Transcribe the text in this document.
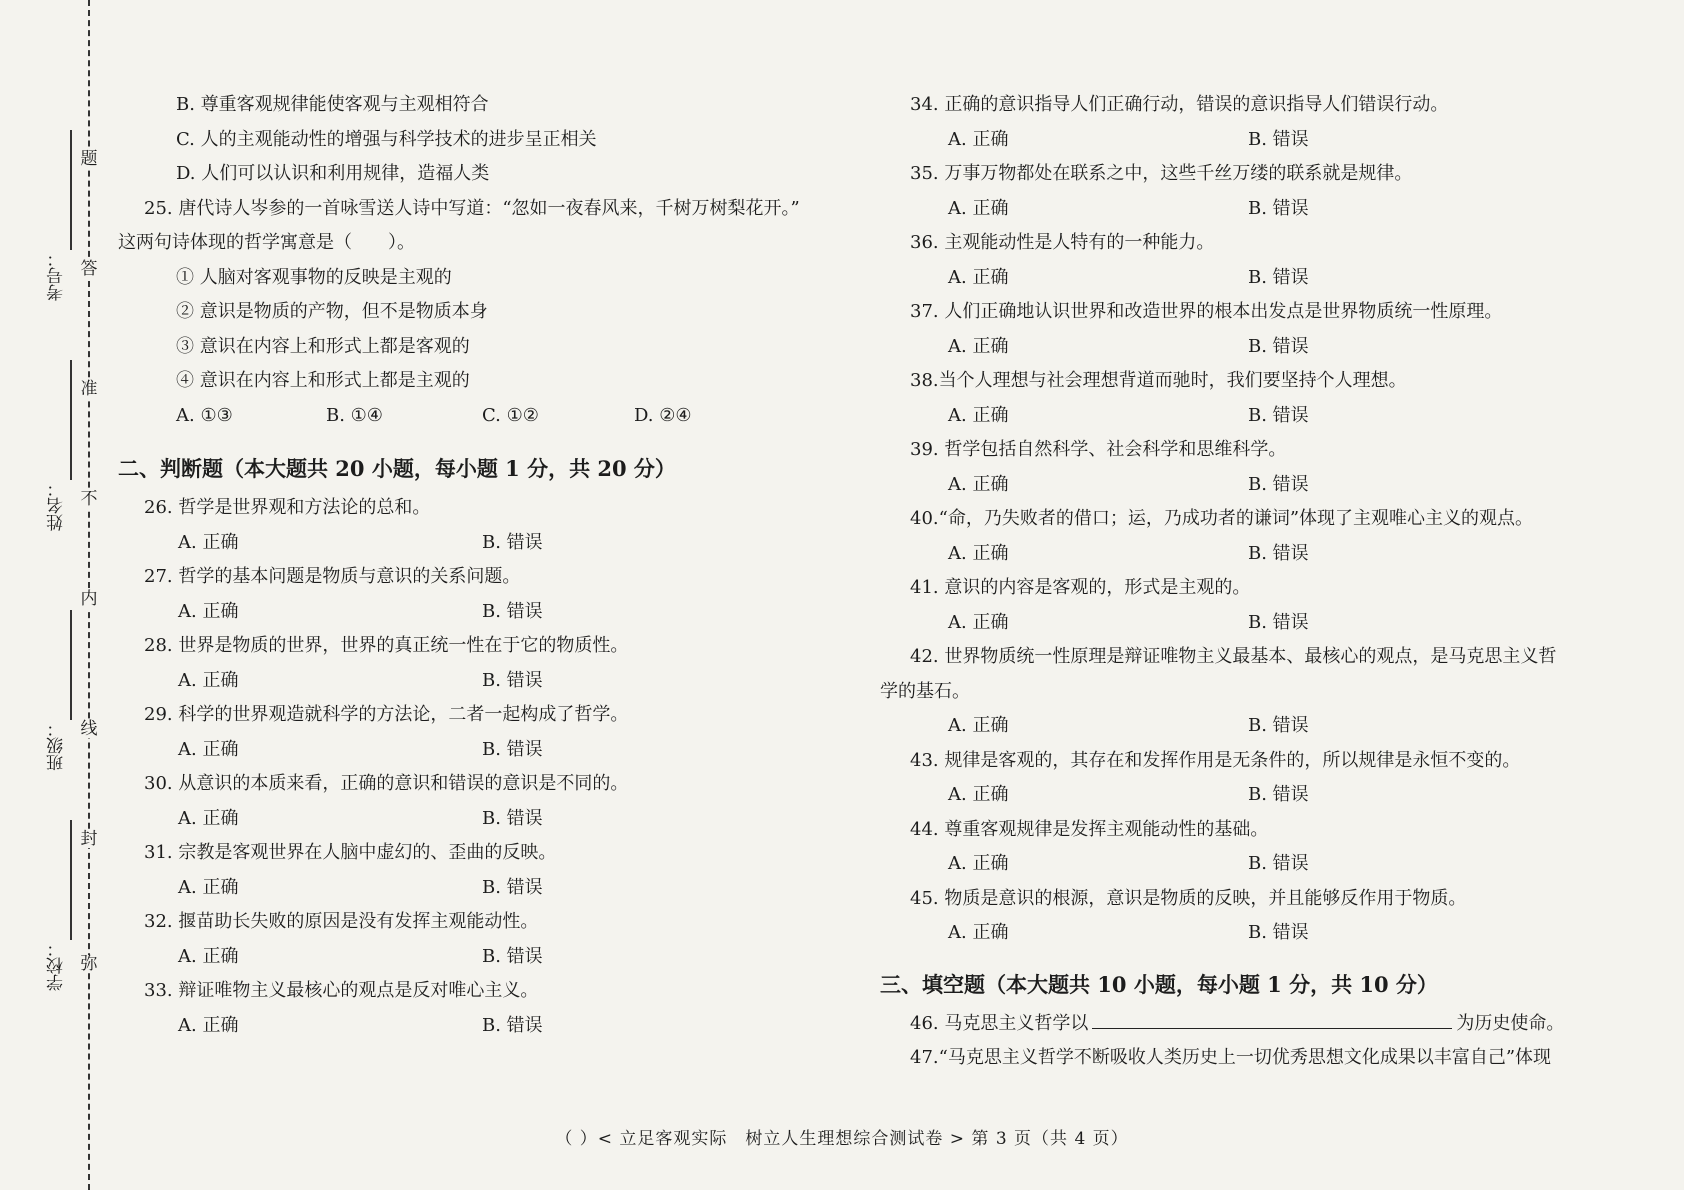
题
答
准
不
内
线
封
弥
考号：
姓名：
班级：
学校：
B. 尊重客观规律能使客观与主观相符合
C. 人的主观能动性的增强与科学技术的进步呈正相关
D. 人们可以认识和利用规律，造福人类
25. 唐代诗人岑参的一首咏雪送人诗中写道：“忽如一夜春风来，千树万树梨花开。”
这两句诗体现的哲学寓意是（　　）。
① 人脑对客观事物的反映是主观的
② 意识是物质的产物，但不是物质本身
③ 意识在内容上和形式上都是客观的
④ 意识在内容上和形式上都是主观的
A. ①③	B. ①④	C. ①②	D. ②④
二、判断题（本大题共 20 小题，每小题 1 分，共 20 分）
26. 哲学是世界观和方法论的总和。
A. 正确	B. 错误
27. 哲学的基本问题是物质与意识的关系问题。
A. 正确	B. 错误
28. 世界是物质的世界，世界的真正统一性在于它的物质性。
A. 正确	B. 错误
29. 科学的世界观造就科学的方法论，二者一起构成了哲学。
A. 正确	B. 错误
30. 从意识的本质来看，正确的意识和错误的意识是不同的。
A. 正确	B. 错误
31. 宗教是客观世界在人脑中虚幻的、歪曲的反映。
A. 正确	B. 错误
32. 揠苗助长失败的原因是没有发挥主观能动性。
A. 正确	B. 错误
33. 辩证唯物主义最核心的观点是反对唯心主义。
A. 正确	B. 错误
34. 正确的意识指导人们正确行动，错误的意识指导人们错误行动。
A. 正确	B. 错误
35. 万事万物都处在联系之中，这些千丝万缕的联系就是规律。
A. 正确	B. 错误
36. 主观能动性是人特有的一种能力。
A. 正确	B. 错误
37. 人们正确地认识世界和改造世界的根本出发点是世界物质统一性原理。
A. 正确	B. 错误
38.当个人理想与社会理想背道而驰时，我们要坚持个人理想。
A. 正确	B. 错误
39. 哲学包括自然科学、社会科学和思维科学。
A. 正确	B. 错误
40.“命，乃失败者的借口；运，乃成功者的谦词”体现了主观唯心主义的观点。
A. 正确	B. 错误
41. 意识的内容是客观的，形式是主观的。
A. 正确	B. 错误
42. 世界物质统一性原理是辩证唯物主义最基本、最核心的观点，是马克思主义哲
学的基石。
A. 正确	B. 错误
43. 规律是客观的，其存在和发挥作用是无条件的，所以规律是永恒不变的。
A. 正确	B. 错误
44. 尊重客观规律是发挥主观能动性的基础。
A. 正确	B. 错误
45. 物质是意识的根源，意识是物质的反映，并且能够反作用于物质。
A. 正确	B. 错误
三、填空题（本大题共 10 小题，每小题 1 分，共 10 分）
46. 马克思主义哲学以	为历史使命。
47.“马克思主义哲学不断吸收人类历史上一切优秀思想文化成果以丰富自己”体现
（ ）< 立足客观实际　树立人生理想综合测试卷 > 第 3 页（共 4 页）
